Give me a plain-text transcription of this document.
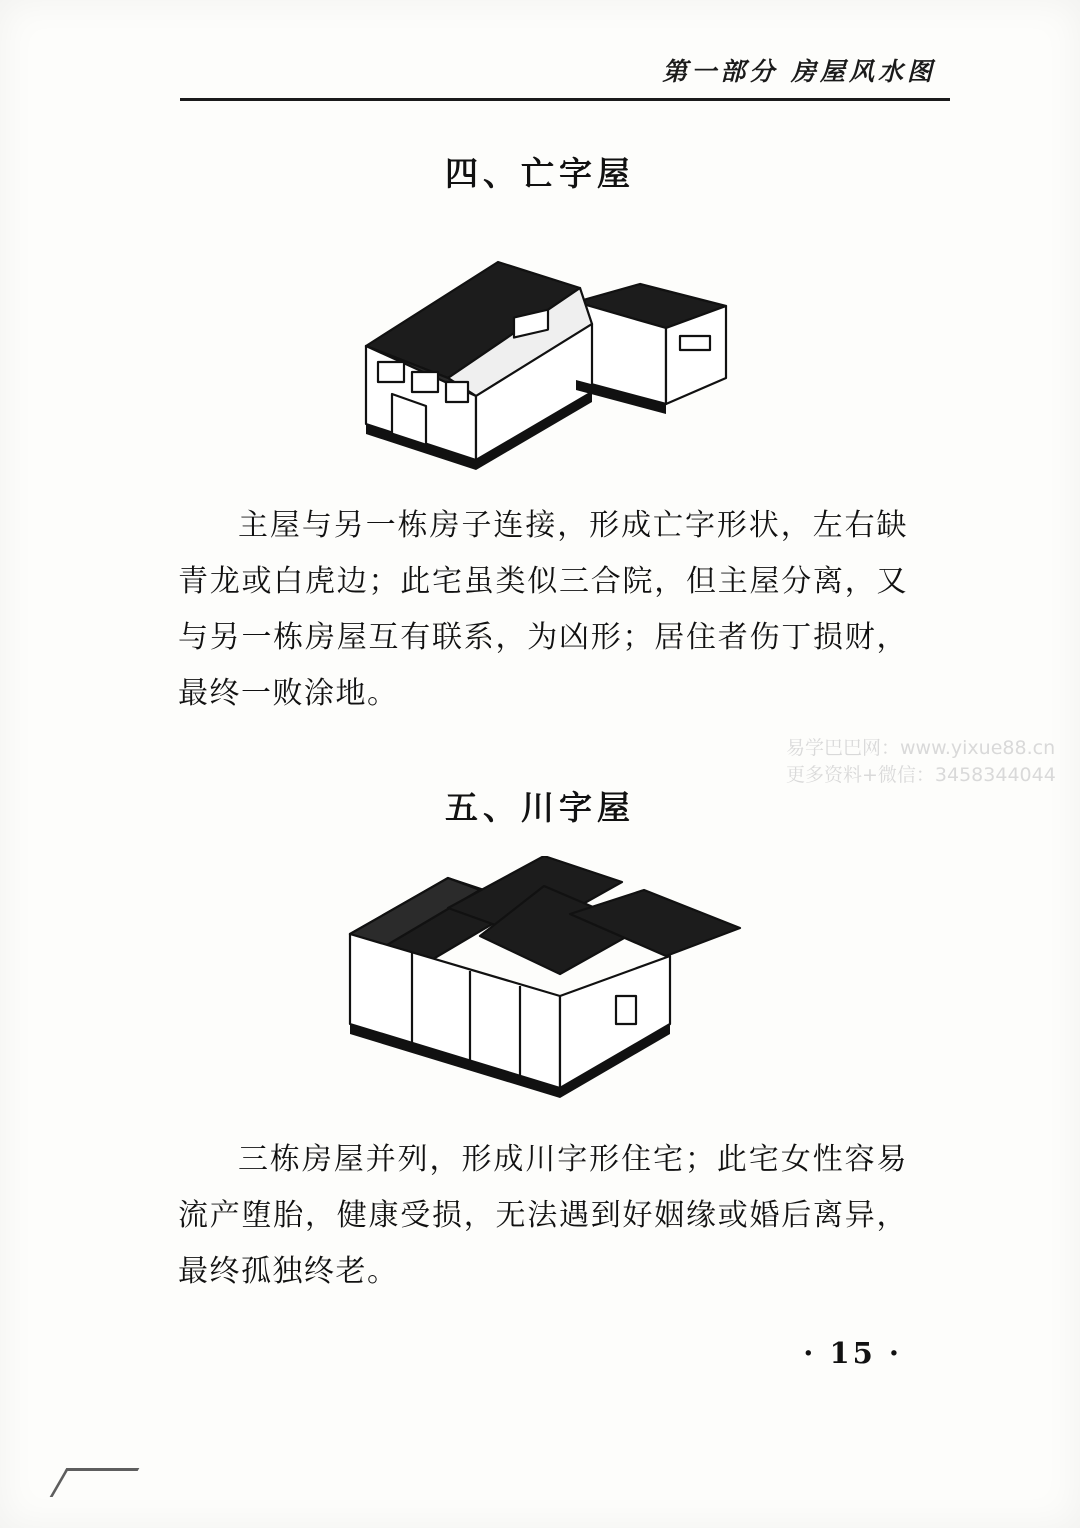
第一部分 房屋风水图
四、亡字屋
主屋与另一栋房子连接，形成亡字形状，左右缺青龙或白虎边；此宅虽类似三合院，但主屋分离，又与另一栋房屋互有联系，为凶形；居住者伤丁损财，最终一败涂地。
易学巴巴网：www.yixue88.cn
更多资料+微信：3458344044
五、川字屋
三栋房屋并列，形成川字形住宅；此宅女性容易流产堕胎，健康受损，无法遇到好姻缘或婚后离异，最终孤独终老。
· 15 ·
